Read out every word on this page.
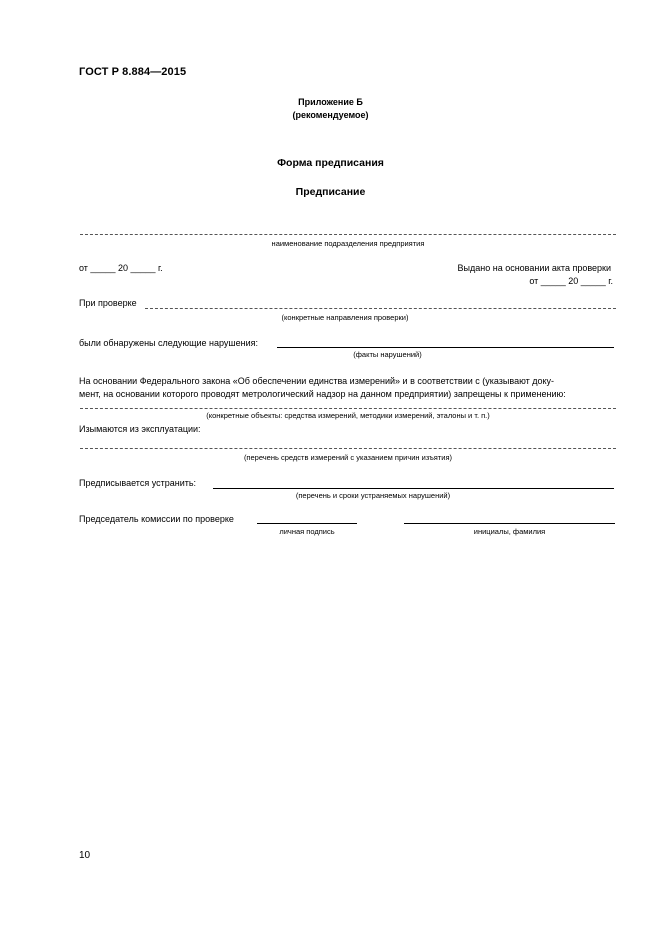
ГОСТ Р 8.884—2015
Приложение Б
(рекомендуемое)
Форма предписания
Предписание
наименование подразделения предприятия
от _____ 20 _____ г.	Выдано на основании акта проверки
от _____ 20 _____ г.
При проверке
(конкретные направления проверки)
были обнаружены следующие нарушения:
(факты нарушений)
На основании Федерального закона «Об обеспечении единства измерений» и в соответствии с (указывают доку-
мент, на основании которого проводят метрологический надзор на данном предприятии) запрещены к применению:
(конкретные объекты: средства измерений, методики измерений, эталоны и т. п.)
Изымаются из эксплуатации:
(перечень средств измерений с указанием причин изъятия)
Предписывается устранить:
(перечень и сроки устраняемых нарушений)
Председатель комиссии по проверке
личная подпись	инициалы, фамилия
10
